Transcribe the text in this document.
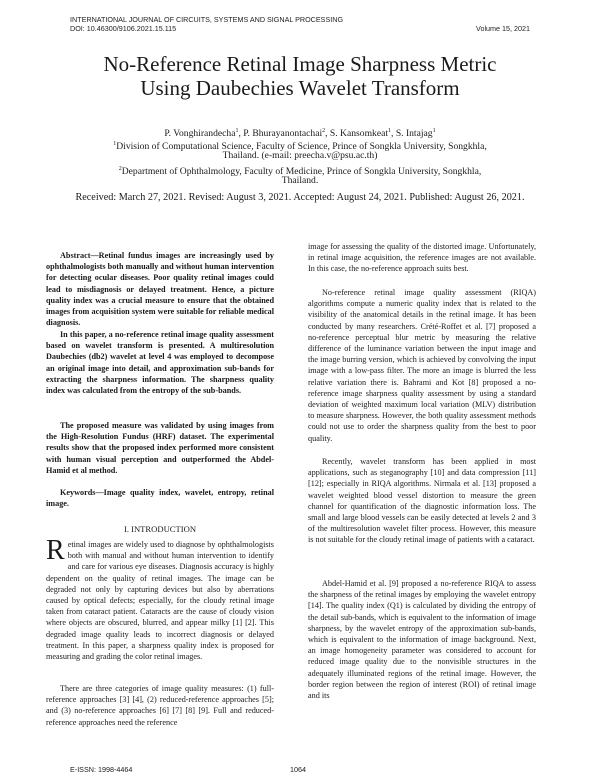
INTERNATIONAL JOURNAL OF CIRCUITS, SYSTEMS AND SIGNAL PROCESSING
DOI: 10.46300/9106.2021.15.115	Volume 15, 2021
No-Reference Retinal Image Sharpness Metric
Using Daubechies Wavelet Transform
P. Vonghirandecha$^1$, P. Bhurayanontachai$^2$, S. Kansomkeat$^1$, S. Intajag$^1$
$^1$Division of Computational Science, Faculty of Science, Prince of Songkla University, Songkhla,
Thailand. (e-mail: preecha.v@psu.ac.th)
$^2$Department of Ophthalmology, Faculty of Medicine, Prince of Songkla University, Songkhla,
Thailand.
Received: March 27, 2021. Revised: August 3, 2021. Accepted: August 24, 2021. Published: August 26, 2021.

Abstract—Retinal fundus images are increasingly used by ophthalmologists both manually and without human intervention for detecting ocular diseases. Poor quality retinal images could lead to misdiagnosis or delayed treatment. Hence, a picture quality index was a crucial measure to ensure that the obtained images from acquisition system were suitable for reliable medical diagnosis.

In this paper, a no-reference retinal image quality assessment based on wavelet transform is presented. A multiresolution Daubechies (db2) wavelet at level 4 was employed to decompose an original image into detail, and approximation sub-bands for extracting the sharpness information. The sharpness quality index was calculated from the entropy of the sub-bands.

The proposed measure was validated by using images from the High-Resolution Fundus (HRF) dataset. The experimental results show that the proposed index performed more consistent with human visual perception and outperformed the Abdel-Hamid et al method.

Keywords—Image quality index, wavelet, entropy, retinal image.

I. INTRODUCTION
Retinal images are widely used to diagnose by ophthalmologists both with manual and without human intervention to identify and care for various eye diseases. Diagnosis accuracy is highly dependent on the quality of retinal images. The image can be degraded not only by capturing devices but also by aberrations caused by optical defects; especially, for the cloudy retinal image taken from cataract patient. Cataracts are the cause of cloudy vision where objects are obscured, blurred, and appear milky [1] [2]. This degraded image quality leads to incorrect diagnosis or delayed treatment. In this paper, a sharpness quality index is proposed for measuring and grading the color retinal images.

There are three categories of image quality measures: (1) full-reference approaches [3] [4], (2) reduced-reference approaches [5]; and (3) no-reference approaches [6] [7] [8] [9]. Full and reduced-reference approaches need the reference

image for assessing the quality of the distorted image. Unfortunately, in retinal image acquisition, the reference images are not available. In this case, the no-reference approach suits best.

No-reference retinal image quality assessment (RIQA) algorithms compute a numeric quality index that is related to the visibility of the anatomical details in the retinal image. It has been conducted by many researchers. Crété-Roffet et al. [7] proposed a no-reference perceptual blur metric by measuring the relative difference of the luminance variation between the input image and the image burring version, which is achieved by convolving the input image with a low-pass filter. The more an image is blurred the less relative variation there is. Bahrami and Kot [8] proposed a no-reference image sharpness quality assessment by using a standard deviation of weighted maximum local variation (MLV) distribution to measure sharpness. However, the both quality assessment methods could not use to order the sharpness quality from the best to poor quality.

Recently, wavelet transform has been applied in most applications, such as steganography [10] and data compression [11] [12]; especially in RIQA algorithms. Nirmala et al. [13] proposed a wavelet weighted blood vessel distortion to measure the green channel for quantification of the diagnostic information loss. The small and large blood vessels can be easily detected at levels 2 and 3 of the multiresolution wavelet filter process. However, this measure is not suitable for the cloudy retinal image of patients with a cataract.

Abdel-Hamid et al. [9] proposed a no-reference RIQA to assess the sharpness of the retinal images by employing the wavelet entropy [14]. The quality index (Q1) is calculated by dividing the entropy of the detail sub-bands, which is equivalent to the information of image sharpness, by the wavelet entropy of the approximation sub-bands, which is equivalent to the information of image background. Next, an image homogeneity parameter was considered to account for reduced image quality due to the nonvisible structures in the adequately illuminated regions of the retinal image. However, the border region between the region of interest (ROI) of retinal image and its

E-ISSN: 1998-4464	1064
